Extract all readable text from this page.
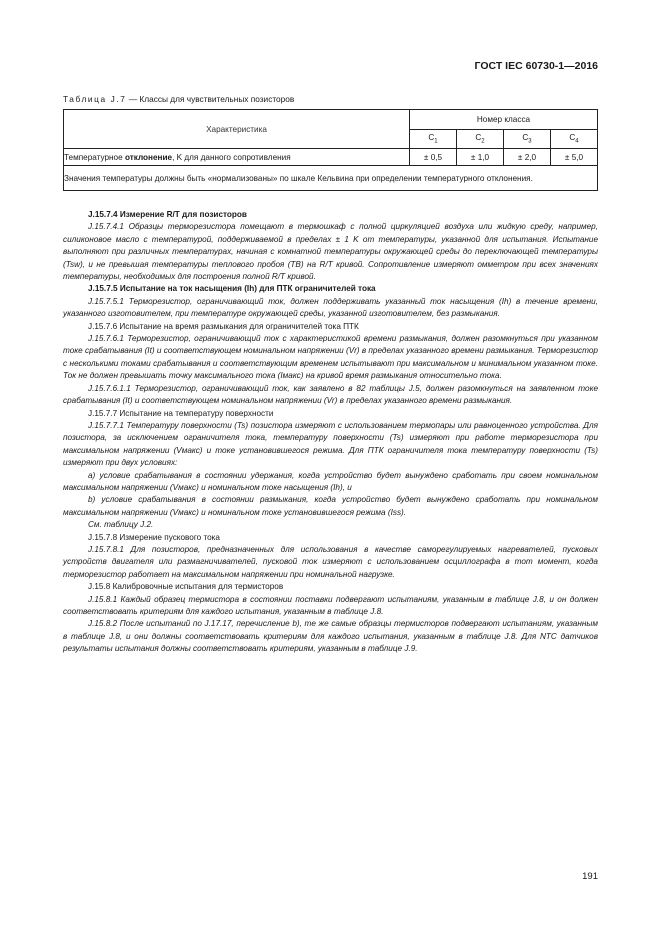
ГОСТ IEC 60730-1—2016
Таблица J.7 — Классы для чувствительных позисторов
Характеристика	Номер класса			
	$C_1$	$C_2$	$C_3$	$C_4$
Температурное отклонение, K для данного сопротивления	± 0,5	± 1,0	± 2,0	± 5,0
Значения температуры должны быть «нормализованы» по шкале Кельвина при определении температурного отклонения.				

J.15.7.4 Измерение R/T для позисторов

J.15.7.4.1 Образцы терморезистора помещают в термошкаф с полной циркуляцией воздуха или жидкую среду, например, силиконовое масло с температурой, поддерживаемой в пределах ± 1 K от температуры, указанной для испытания. Испытание выполняют при различных температурах, начиная с комнатной температуры окружающей среды до переключающей температуры (Tsw), и не превышая температуры теплового пробоя (TB) на R/T кривой. Сопротивление измеряют омметром при всех значениях температуры, необходимых для построения полной R/T кривой.

J.15.7.5 Испытание на ток насыщения (Ih) для ПТК ограничителей тока

J.15.7.5.1 Терморезистор, ограничивающий ток, должен поддерживать указанный ток насыщения (Ih) в течение времени, указанного изготовителем, при температуре окружающей среды, указанной изготовителем, без размыкания.

J.15.7.6 Испытание на время размыкания для ограничителей тока ПТК

J.15.7.6.1 Терморезистор, ограничивающий ток с характеристикой времени размыкания, должен разомкнуться при указанном токе срабатывания (It) и соответствующем номинальном напряжении (Vr) в пределах указанного времени размыкания. Терморезистор с несколькими токами срабатывания и соответствующим временем испытывают при максимальном и минимальном указанном токе. Ток не должен превышать точку максимального тока (Iмакс) на кривой время размыкания относительно тока.

J.15.7.6.1.1 Терморезистор, ограничивающий ток, как заявлено в 82 таблицы J.5, должен разомкнуться на заявленном токе срабатывания (It) и соответствующем номинальном напряжении (Vr) в пределах указанного времени размыкания.

J.15.7.7 Испытание на температуру поверхности

J.15.7.7.1 Температуру поверхности (Ts) позистора измеряют с использованием термопары или равноценного устройства. Для позистора, за исключением ограничителя тока, температуру поверхности (Ts) измеряют при работе терморезистора при максимальном напряжении (Vмакс) и токе установившегося режима. Для ПТК ограничителя тока температуру поверхности (Ts) измеряют при двух условиях:

a) условие срабатывания в состоянии удержания, когда устройство будет вынуждено сработать при своем номинальном максимальном напряжении (Vмакс) и номинальном токе насыщения (Ih), и

b) условие срабатывания в состоянии размыкания, когда устройство будет вынуждено сработать при номинальном максимальном напряжении (Vмакс) и номинальном токе установившегося режима (Iss).

См. таблицу J.2.

J.15.7.8 Измерение пускового тока

J.15.7.8.1 Для позисторов, предназначенных для использования в качестве саморегулируемых нагревателей, пусковых устройств двигателя или размагничивателей, пусковой ток измеряют с использованием осциллографа в тот момент, когда терморезистор работает на максимальном напряжении при номинальной нагрузке.

J.15.8 Калибровочные испытания для термисторов

J.15.8.1 Каждый образец термистора в состоянии поставки подвергают испытаниям, указанным в таблице J.8, и он должен соответствовать критериям для каждого испытания, указанным в таблице J.8.

J.15.8.2 После испытаний по J.17.17, перечисление b), те же самые образцы термисторов подвергают испытаниям, указанным в таблице J.8, и они должны соответствовать критериям для каждого испытания, указанным в таблице J.8. Для NTC датчиков результаты испытания должны соответствовать критериям, указанным в таблице J.9.

191
